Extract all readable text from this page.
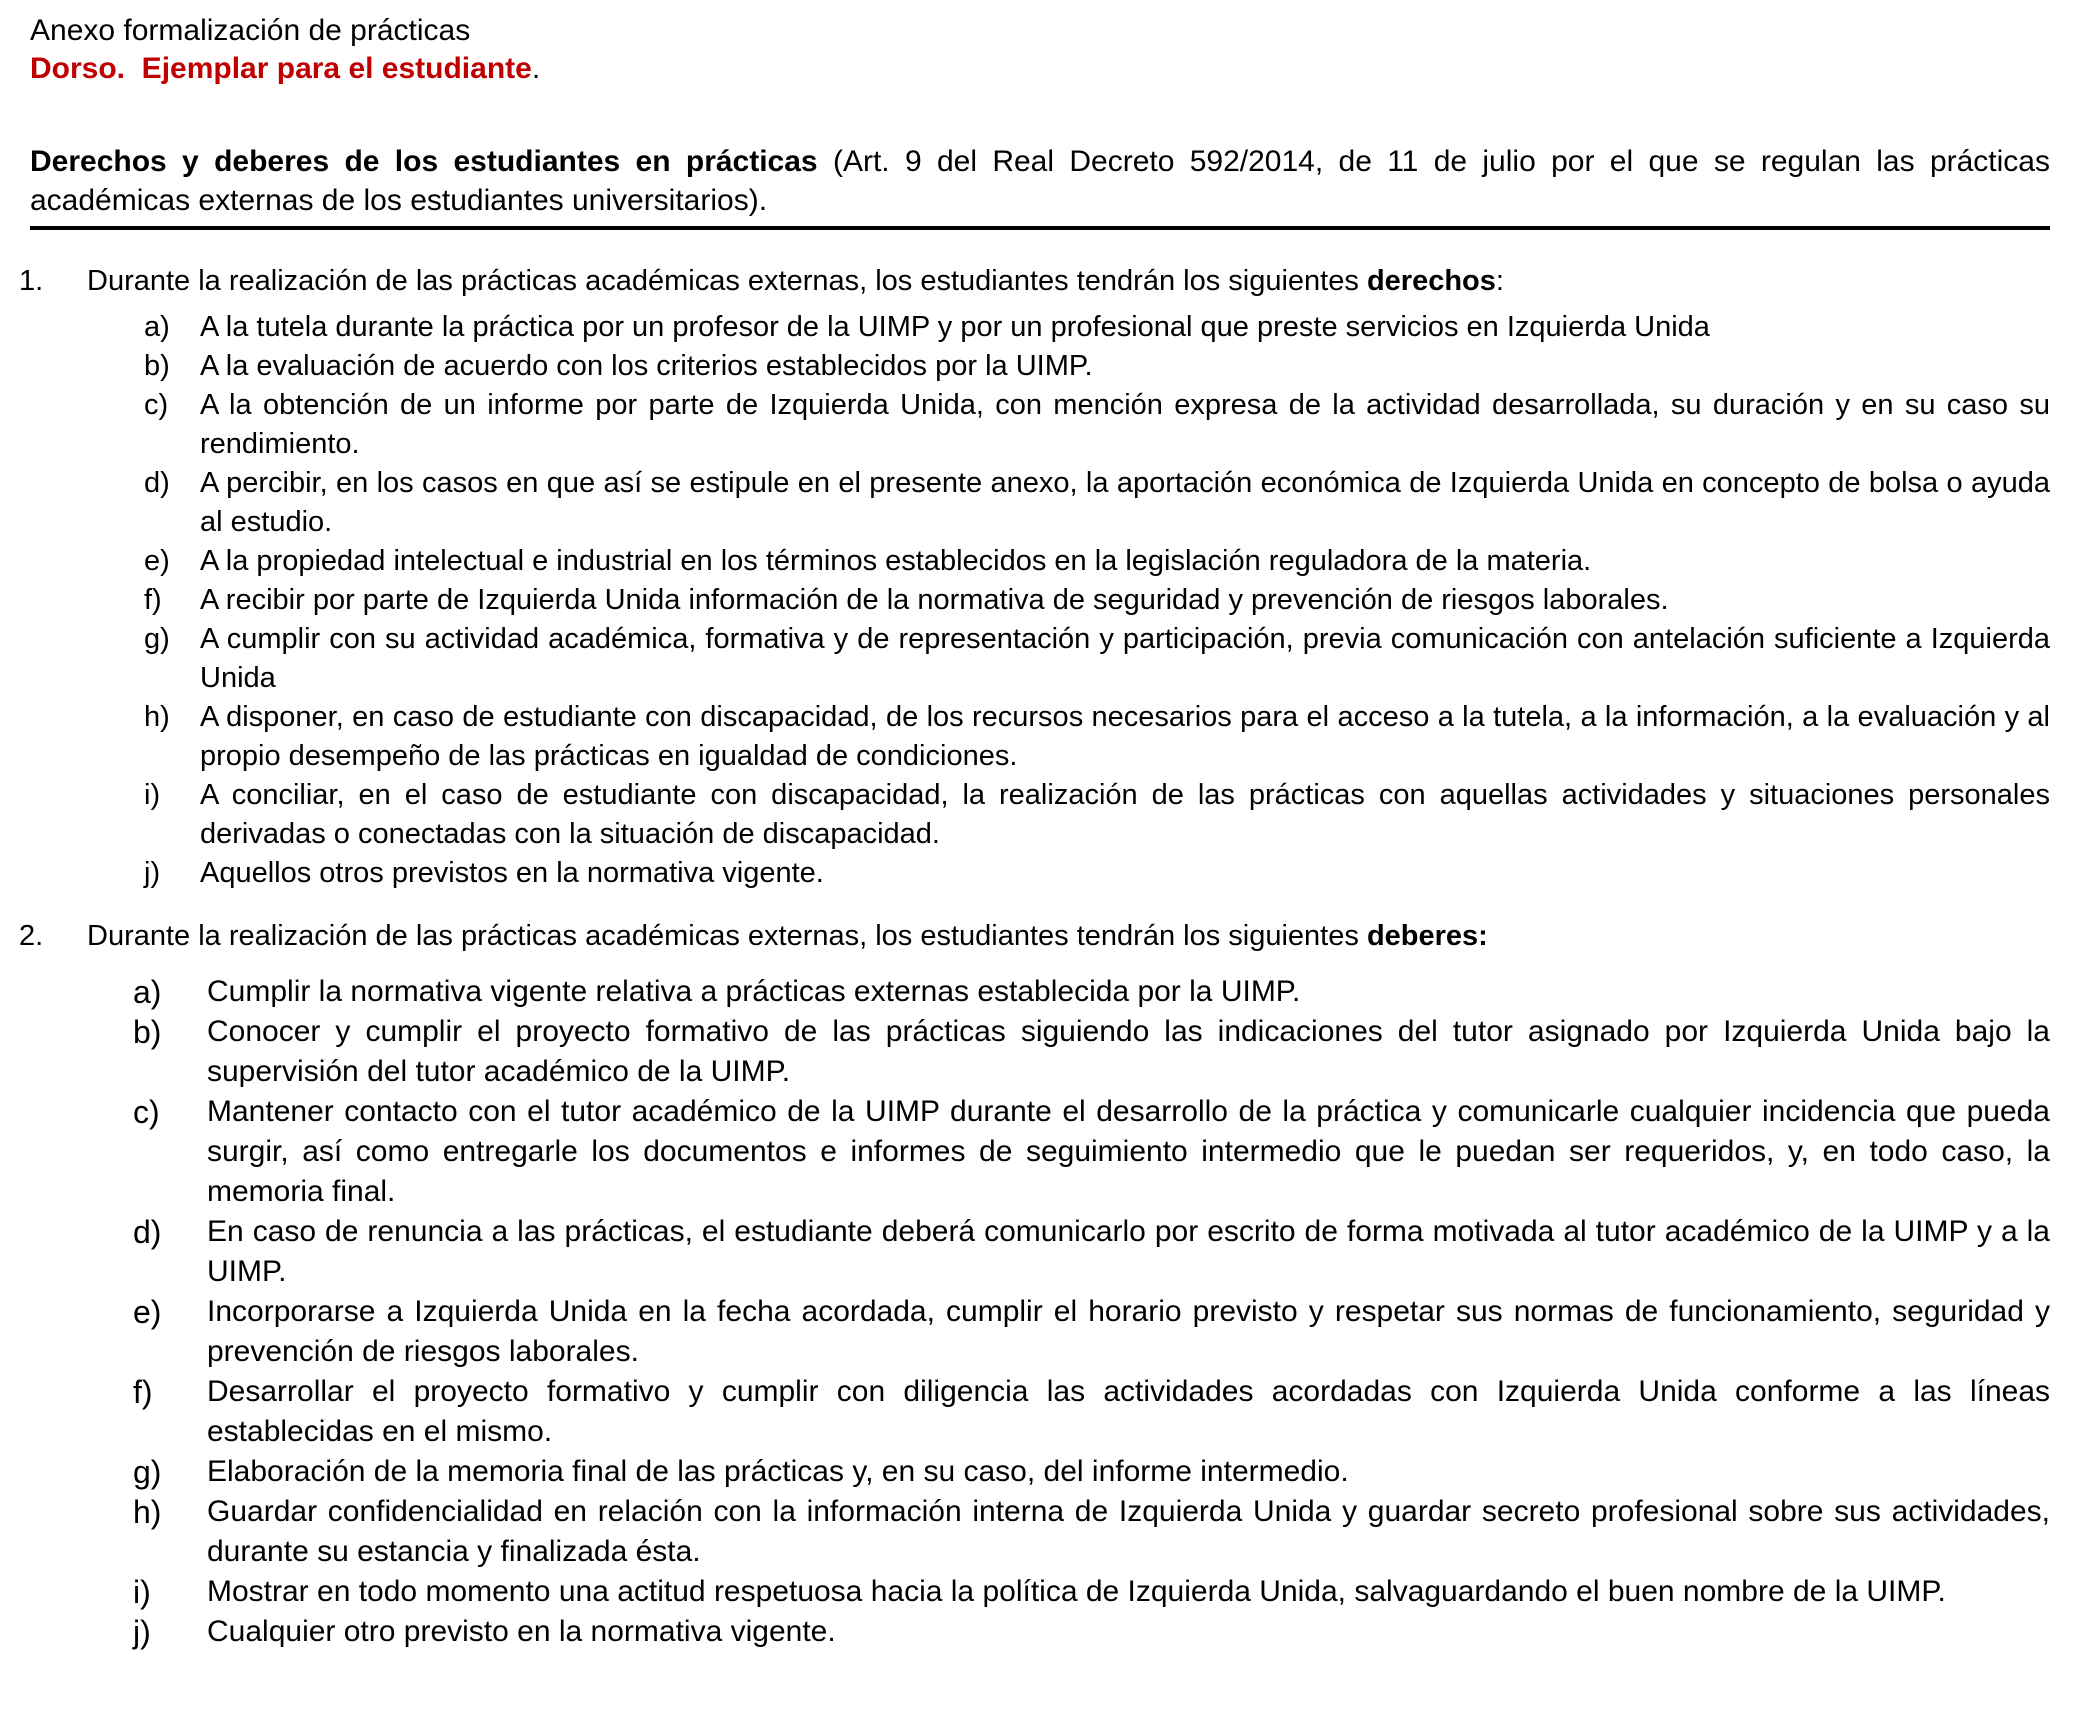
Anexo formalización de prácticas
Dorso.  Ejemplar para el estudiante.
Derechos y deberes de los estudiantes en prácticas (Art. 9 del Real Decreto 592/2014, de 11 de julio por el que se regulan las prácticas académicas externas de los estudiantes universitarios).
1.	Durante la realización de las prácticas académicas externas, los estudiantes tendrán los siguientes derechos:
a)	A la tutela durante la práctica por un profesor de la UIMP y por un profesional que preste servicios en Izquierda Unida
b)	A la evaluación de acuerdo con los criterios establecidos por la UIMP.
c)	A la obtención de un informe por parte de Izquierda Unida, con mención expresa de la actividad desarrollada, su duración y en su caso su rendimiento.
d)	A percibir, en los casos en que así se estipule en el presente anexo, la aportación económica de Izquierda Unida en concepto de bolsa o ayuda al estudio.
e)	A la propiedad intelectual e industrial en los términos establecidos en la legislación reguladora de la materia.
f)	A recibir por parte de Izquierda Unida información de la normativa de seguridad y prevención de riesgos laborales.
g)	A cumplir con su actividad académica, formativa y de representación y participación, previa comunicación con antelación suficiente a Izquierda Unida
h)	A disponer, en caso de estudiante con discapacidad, de los recursos necesarios para el acceso a la tutela, a la información, a la evaluación y al propio desempeño de las prácticas en igualdad de condiciones.
i)	A conciliar, en el caso de estudiante con discapacidad, la realización de las prácticas con aquellas actividades y situaciones personales derivadas o conectadas con la situación de discapacidad.
j)	Aquellos otros previstos en la normativa vigente.
2.	Durante la realización de las prácticas académicas externas, los estudiantes tendrán los siguientes deberes:
a)	Cumplir la normativa vigente relativa a prácticas externas establecida por la UIMP.
b)	Conocer y cumplir el proyecto formativo de las prácticas siguiendo las indicaciones del tutor asignado por Izquierda Unida bajo la supervisión del tutor académico de la UIMP.
c)	Mantener contacto con el tutor académico de la UIMP durante el desarrollo de la práctica y comunicarle cualquier incidencia que pueda surgir, así como entregarle los documentos e informes de seguimiento intermedio que le puedan ser requeridos, y, en todo caso, la memoria final.
d)	En caso de renuncia a las prácticas, el estudiante deberá comunicarlo por escrito de forma motivada al tutor académico de la UIMP y a la UIMP.
e)	Incorporarse a Izquierda Unida en la fecha acordada, cumplir el horario previsto y respetar sus normas de funcionamiento, seguridad y prevención de riesgos laborales.
f)	Desarrollar el proyecto formativo y cumplir con diligencia las actividades acordadas con Izquierda Unida conforme a las líneas establecidas en el mismo.
g)	Elaboración de la memoria final de las prácticas y, en su caso, del informe intermedio.
h)	Guardar confidencialidad en relación con la información interna de Izquierda Unida y guardar secreto profesional sobre sus actividades, durante su estancia y finalizada ésta.
i)	Mostrar en todo momento una actitud respetuosa hacia la política de Izquierda Unida, salvaguardando el buen nombre de la UIMP.
j)	Cualquier otro previsto en la normativa vigente.
